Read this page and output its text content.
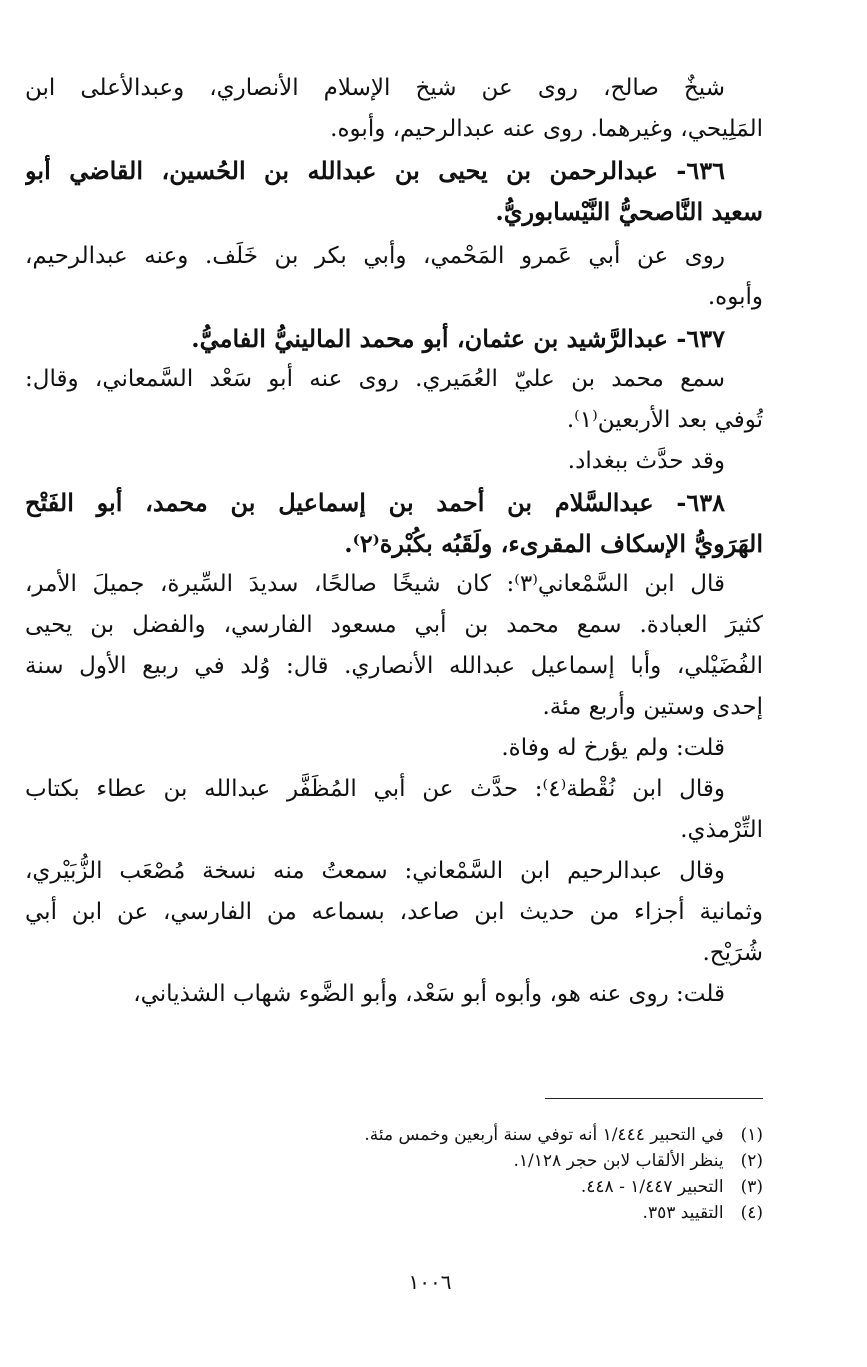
شيخٌ صالح، روى عن شيخ الإسلام الأنصاري، وعبدالأعلى ابن
المَلِيحي، وغيرهما. روى عنه عبدالرحيم، وأبوه.
٦٣٦- عبدالرحمن بن يحيى بن عبدالله بن الحُسين، القاضي أبو
سعيد النَّاصحيُّ النَّيْسابوريُّ.
روى عن أبي عَمرو المَحْمي، وأبي بكر بن خَلَف. وعنه عبدالرحيم،
وأبوه.
٦٣٧- عبدالرَّشيد بن عثمان، أبو محمد المالينيُّ الفاميُّ.
سمع محمد بن عليّ العُمَيري. روى عنه أبو سَعْد السَّمعاني، وقال:
تُوفي بعد الأربعين⁽١⁾.
وقد حدَّث ببغداد.
٦٣٨- عبدالسَّلام بن أحمد بن إسماعيل بن محمد، أبو الفَتْح
الهَرَويُّ الإسكاف المقرىء، ولَقَبُه بكُبْرة⁽٢⁾.
قال ابن السَّمْعاني⁽٣⁾: كان شيخًا صالحًا، سديدَ السِّيرة، جميلَ الأمر،
كثيرَ العبادة. سمع محمد بن أبي مسعود الفارسي، والفضل بن يحيى
الفُضَيْلي، وأبا إسماعيل عبدالله الأنصاري. قال: وُلد في ربيع الأول سنة
إحدى وستين وأربع مئة.
قلت: ولم يؤرخ له وفاة.
وقال ابن نُقْطة⁽٤⁾: حدَّث عن أبي المُظَفَّر عبدالله بن عطاء بكتاب
التِّرْمذي.
وقال عبدالرحيم ابن السَّمْعاني: سمعتُ منه نسخة مُصْعَب الزُّبَيْري،
وثمانية أجزاء من حديث ابن صاعد، بسماعه من الفارسي، عن ابن أبي
شُرَيْح.
قلت: روى عنه هو، وأبوه أبو سَعْد، وأبو الضَّوء شهاب الشذياني،
(١) في التحبير ١/٤٤٤ أنه توفي سنة أربعين وخمس مئة.
(٢) ينظر الألقاب لابن حجر ١/١٢٨.
(٣) التحبير ١/٤٤٧ - ٤٤٨.
(٤) التقييد ٣٥٣.
١٠٠٦
